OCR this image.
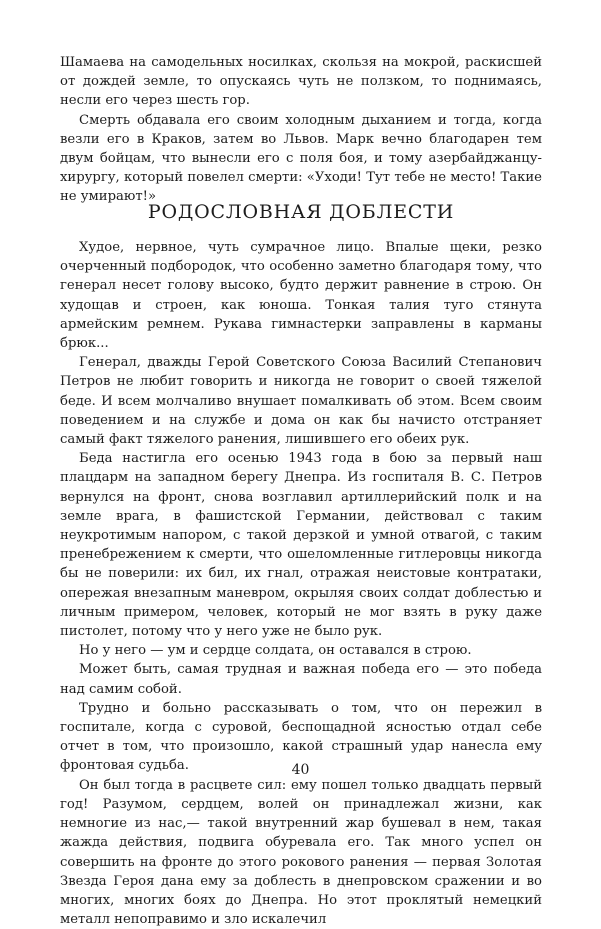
Шамаева на самодельных носилках, скользя на мокрой, раскисшей от дождей земле, то опускаясь чуть не ползком, то поднимаясь, несли его через шесть гор.

Смерть обдавала его своим холодным дыханием и тогда, когда везли его в Краков, затем во Львов. Марк вечно благодарен тем двум бойцам, что вынесли его с поля боя, и тому азербайджанцу-хирургу, который повелел смерти: «Уходи! Тут тебе не место! Такие не умирают!»

РОДОСЛОВНАЯ ДОБЛЕСТИ

Худое, нервное, чуть сумрачное лицо. Впалые щеки, резко очерченный подбородок, что особенно заметно благодаря тому, что генерал несет голову высоко, будто держит равнение в строю. Он худощав и строен, как юноша. Тонкая талия туго стянута армейским ремнем. Рукава гимнастерки заправлены в карманы брюк...

Генерал, дважды Герой Советского Союза Василий Степанович Петров не любит говорить и никогда не говорит о своей тяжелой беде. И всем молчаливо внушает помалкивать об этом. Всем своим поведением и на службе и дома он как бы начисто отстраняет самый факт тяжелого ранения, лишившего его обеих рук.

Беда настигла его осенью 1943 года в бою за первый наш плацдарм на западном берегу Днепра. Из госпиталя В. С. Петров вернулся на фронт, снова возглавил артиллерийский полк и на земле врага, в фашистской Германии, действовал с таким неукротимым напором, с такой дерзкой и умной отвагой, с таким пренебрежением к смерти, что ошеломленные гитлеровцы никогда бы не поверили: их бил, их гнал, отражая неистовые контратаки, опережая внезапным маневром, окрыляя своих солдат доблестью и личным примером, человек, который не мог взять в руку даже пистолет, потому что у него уже не было рук.

Но у него — ум и сердце солдата, он оставался в строю.

Может быть, самая трудная и важная победа его — это победа над самим собой.

Трудно и больно рассказывать о том, что он пережил в госпитале, когда с суровой, беспощадной ясностью отдал себе отчет в том, что произошло, какой страшный удар нанесла ему фронтовая судьба.

Он был тогда в расцвете сил: ему пошел только двадцать первый год! Разумом, сердцем, волей он принадлежал жизни, как немногие из нас,— такой внутренний жар бушевал в нем, такая жажда действия, подвига обуревала его. Так много успел он совершить на фронте до этого рокового ранения — первая Золотая Звезда Героя дана ему за доблесть в днепровском сражении и во многих, многих боях до Днепра. Но этот проклятый немецкий металл непоправимо и зло искалечил

40
